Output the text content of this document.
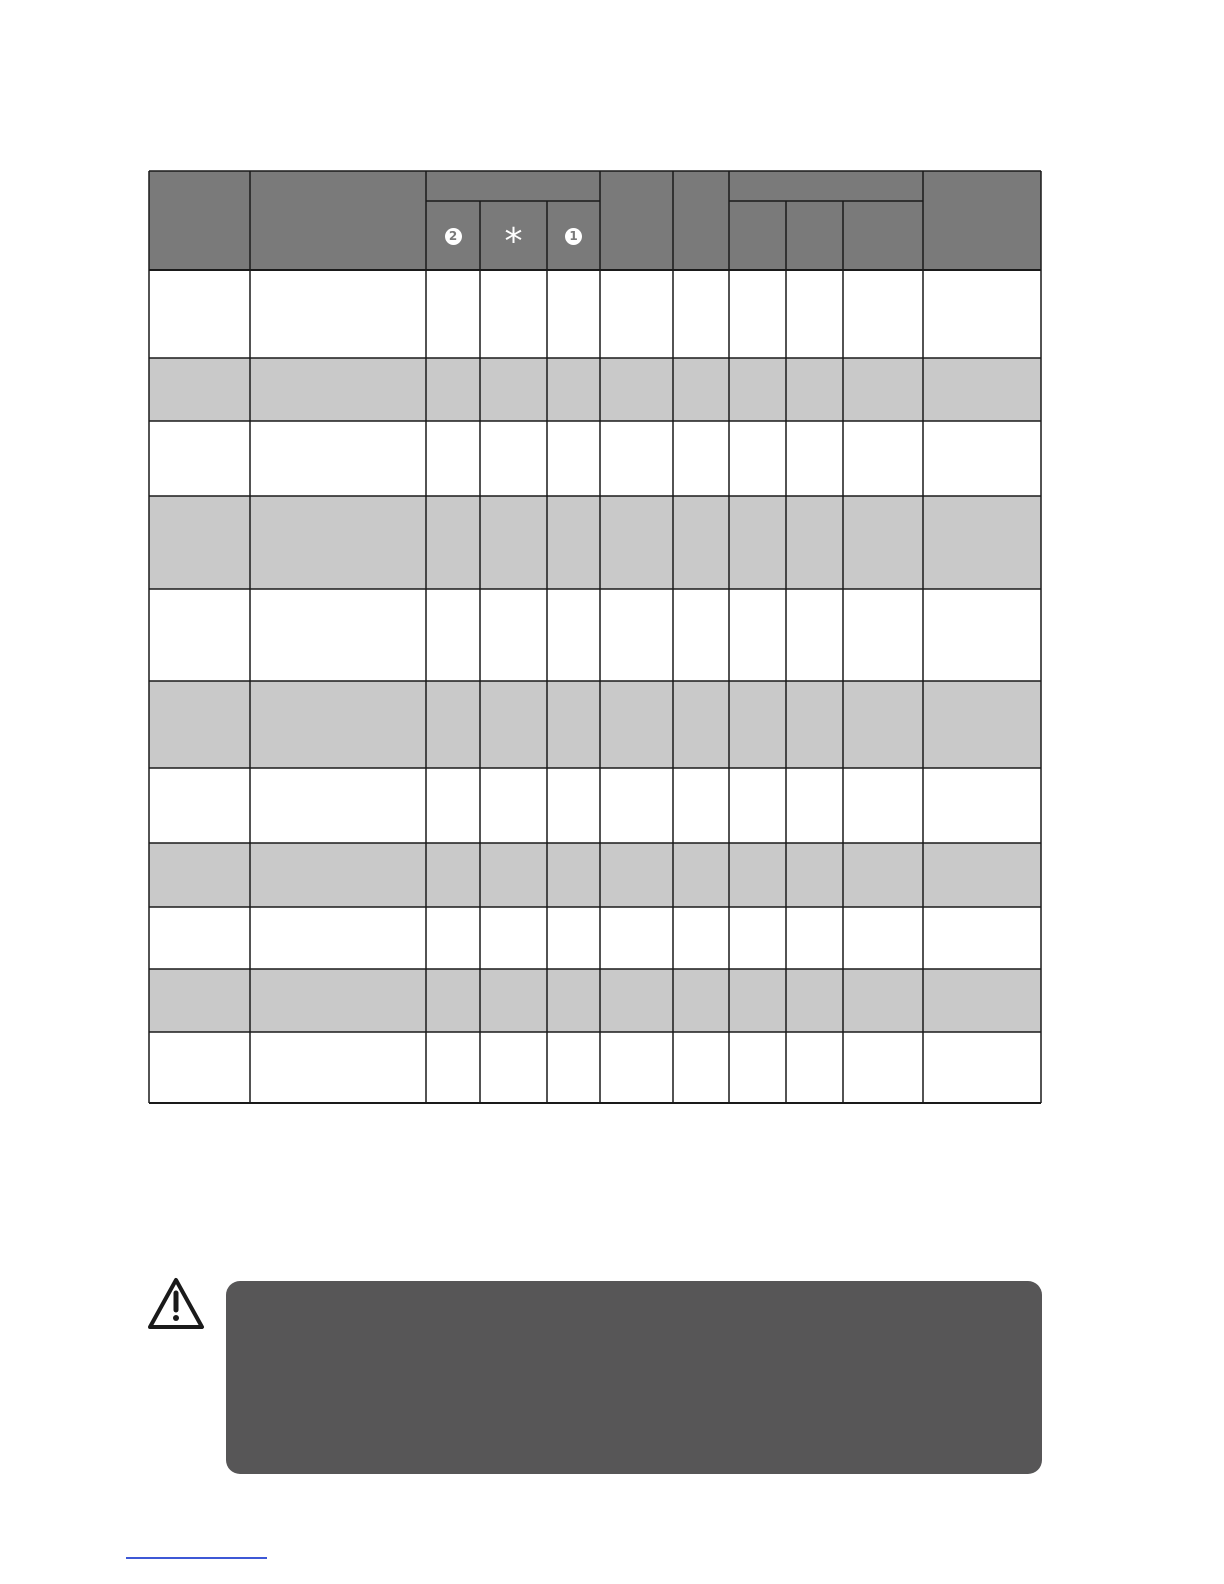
2 *	1
